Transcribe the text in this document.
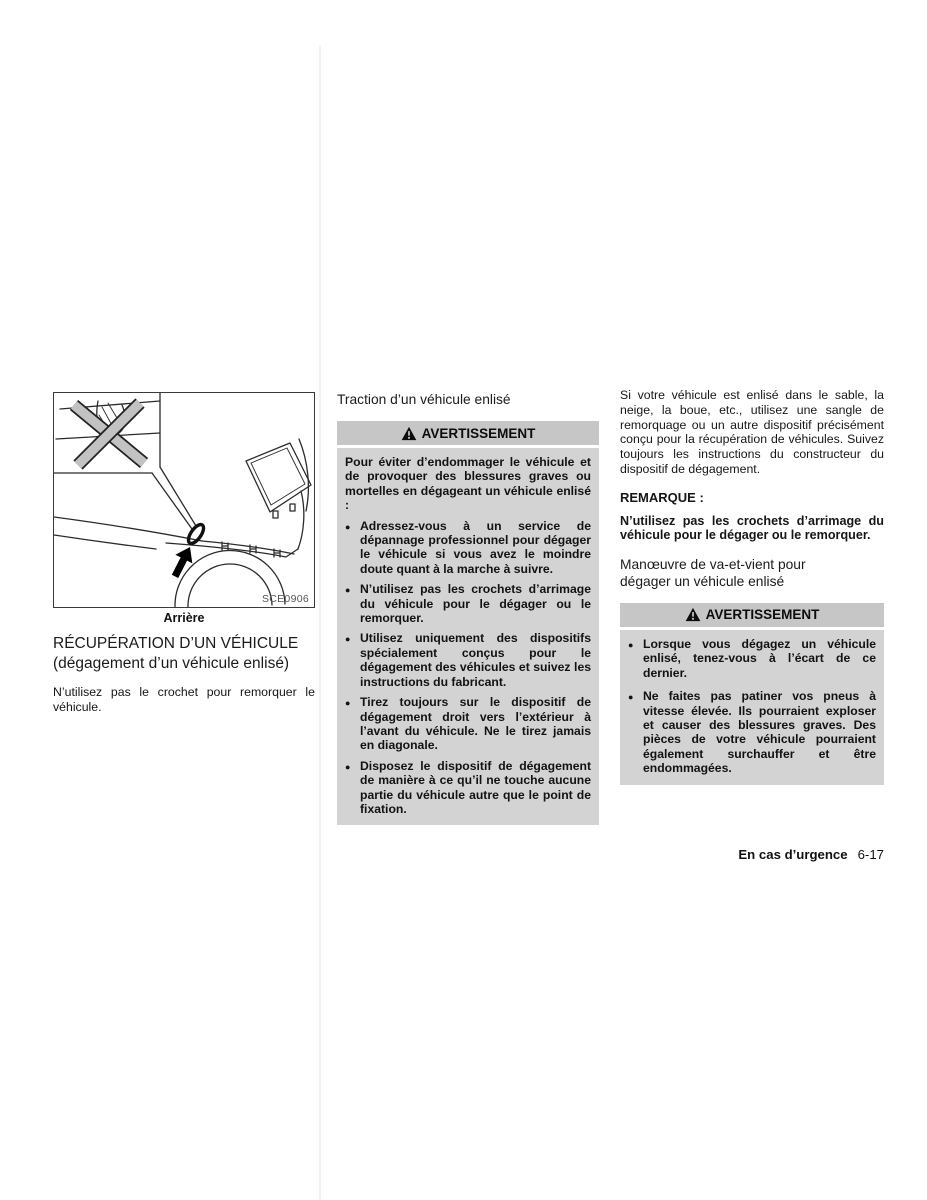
SCE0906
Arrière
RÉCUPÉRATION D’UN VÉHICULE
(dégagement d’un véhicule enlisé)
N’utilisez pas le crochet pour remorquer le véhicule.
Traction d’un véhicule enlisé
AVERTISSEMENT
Pour éviter d’endommager le véhicule et de provoquer des blessures graves ou mortelles en dégageant un véhicule enlisé :
● Adressez-vous à un service de dépannage professionnel pour dégager le véhicule si vous avez le moindre doute quant à la marche à suivre.
● N’utilisez pas les crochets d’arrimage du véhicule pour le dégager ou le remorquer.
● Utilisez uniquement des dispositifs spécialement conçus pour le dégagement des véhicules et suivez les instructions du fabricant.
● Tirez toujours sur le dispositif de dégagement droit vers l’extérieur à l’avant du véhicule. Ne le tirez jamais en diagonale.
● Disposez le dispositif de dégagement de manière à ce qu’il ne touche aucune partie du véhicule autre que le point de fixation.
Si votre véhicule est enlisé dans le sable, la neige, la boue, etc., utilisez une sangle de remorquage ou un autre dispositif précisément conçu pour la récupération de véhicules. Suivez toujours les instructions du constructeur du dispositif de dégagement.
REMARQUE :
N’utilisez pas les crochets d’arrimage du véhicule pour le dégager ou le remorquer.
Manœuvre de va-et-vient pour
dégager un véhicule enlisé
AVERTISSEMENT
● Lorsque vous dégagez un véhicule enlisé, tenez-vous à l’écart de ce dernier.
● Ne faites pas patiner vos pneus à vitesse élevée. Ils pourraient exploser et causer des blessures graves. Des pièces de votre véhicule pourraient également surchauffer et être endommagées.
En cas d’urgence 6-17
